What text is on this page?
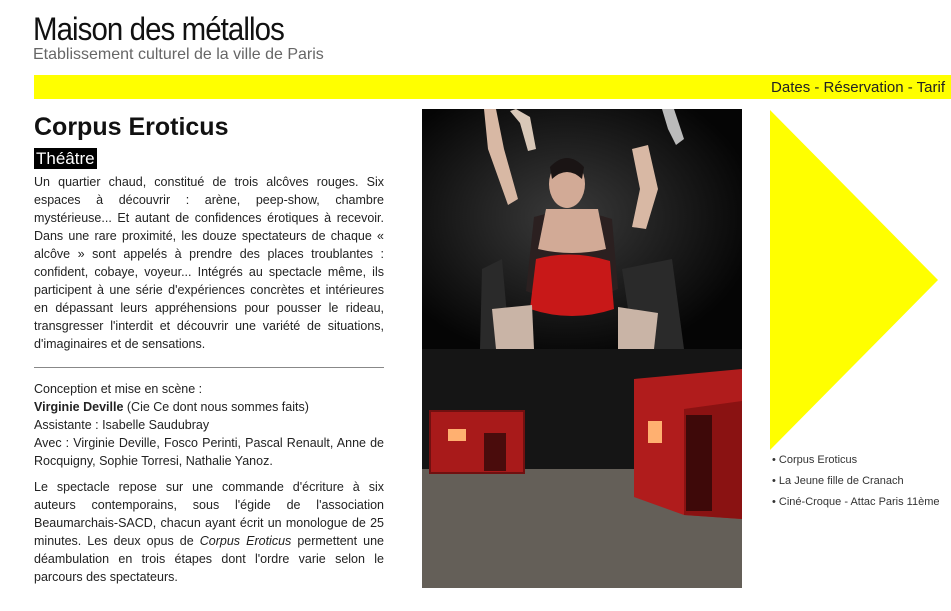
Maison des métallos
Etablissement culturel de la ville de Paris
Dates - Réservation - Tarif
Corpus Eroticus
Théâtre

Un quartier chaud, constitué de trois alcôves rouges. Six espaces à découvrir : arène, peep-show, chambre mystérieuse... Et autant de confidences érotiques à recevoir. Dans une rare proximité, les douze spectateurs de chaque « alcôve » sont appelés à prendre des places troublantes : confident, cobaye, voyeur... Intégrés au spectacle même, ils participent à une série d'expériences concrètes et intérieures en dépassant leurs appréhensions pour pousser le rideau, transgresser l'interdit et découvrir une variété de situations, d'imaginaires et de sensations.

Conception et mise en scène :
Virginie Deville (Cie Ce dont nous sommes faits)
Assistante : Isabelle Saudubray
Avec : Virginie Deville, Fosco Perinti, Pascal Renault, Anne de Rocquigny, Sophie Torresi, Nathalie Yanoz.

Le spectacle repose sur une commande d'écriture à six auteurs contemporains, sous l'égide de l'association Beaumarchais-SACD, chacun ayant écrit un monologue de 25 minutes. Les deux opus de Corpus Eroticus permettent une déambulation en trois étapes dont l'ordre varie selon le parcours des spectateurs.

• Corpus Eroticus
• La Jeune fille de Cranach
• Ciné-Croque - Attac Paris 11ème
